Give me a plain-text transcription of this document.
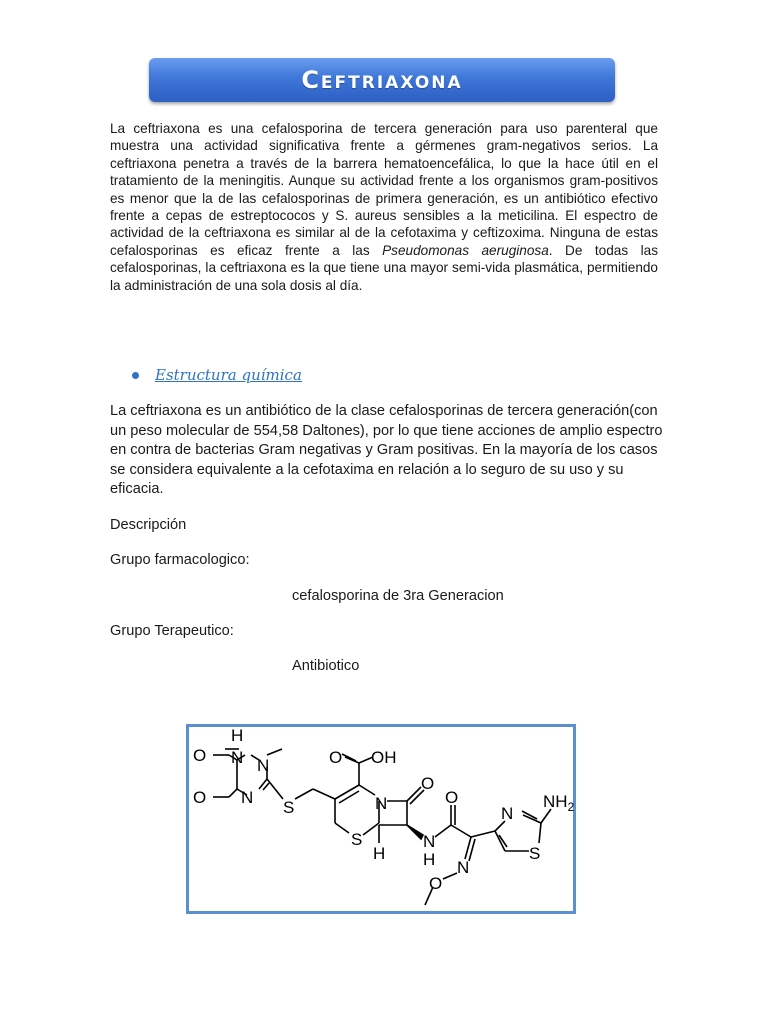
Ceftriaxona

La ceftriaxona es una cefalosporina de tercera generación para uso parenteral que muestra una actividad significativa frente a gérmenes gram-negativos serios. La ceftriaxona penetra a través de la barrera hematoencefálica, lo que la hace útil en el tratamiento de la meningitis. Aunque su actividad frente a los organismos gram-positivos es menor que la de las cefalosporinas de primera generación, es un antibiótico efectivo frente a cepas de estreptococos y S. aureus sensibles a la meticilina. El espectro de actividad de la ceftriaxona es similar al de la cefotaxima y ceftizoxima. Ninguna de estas cefalosporinas es eficaz frente a las Pseudomonas aeruginosa. De todas las cefalosporinas, la ceftriaxona es la que tiene una mayor semi-vida plasmática, permitiendo la administración de una sola dosis al día.

Estructura química

La ceftriaxona es un antibiótico de la clase cefalosporinas de tercera generación(con un peso molecular de 554,58 Daltones), por lo que tiene acciones de amplio espectro en contra de bacterias Gram negativas y Gram positivas. En la mayoría de los casos se considera equivalente a la cefotaxima en relación a lo seguro de su uso y su eficacia.

Descripción
Grupo farmacologico:
cefalosporina de 3ra Generacion
Grupo Terapeutico:
Antibiotico
H
O N N
O N
S
O OH
N
O
S
H
N
H
O
N
O
N
S
$NH_2$
